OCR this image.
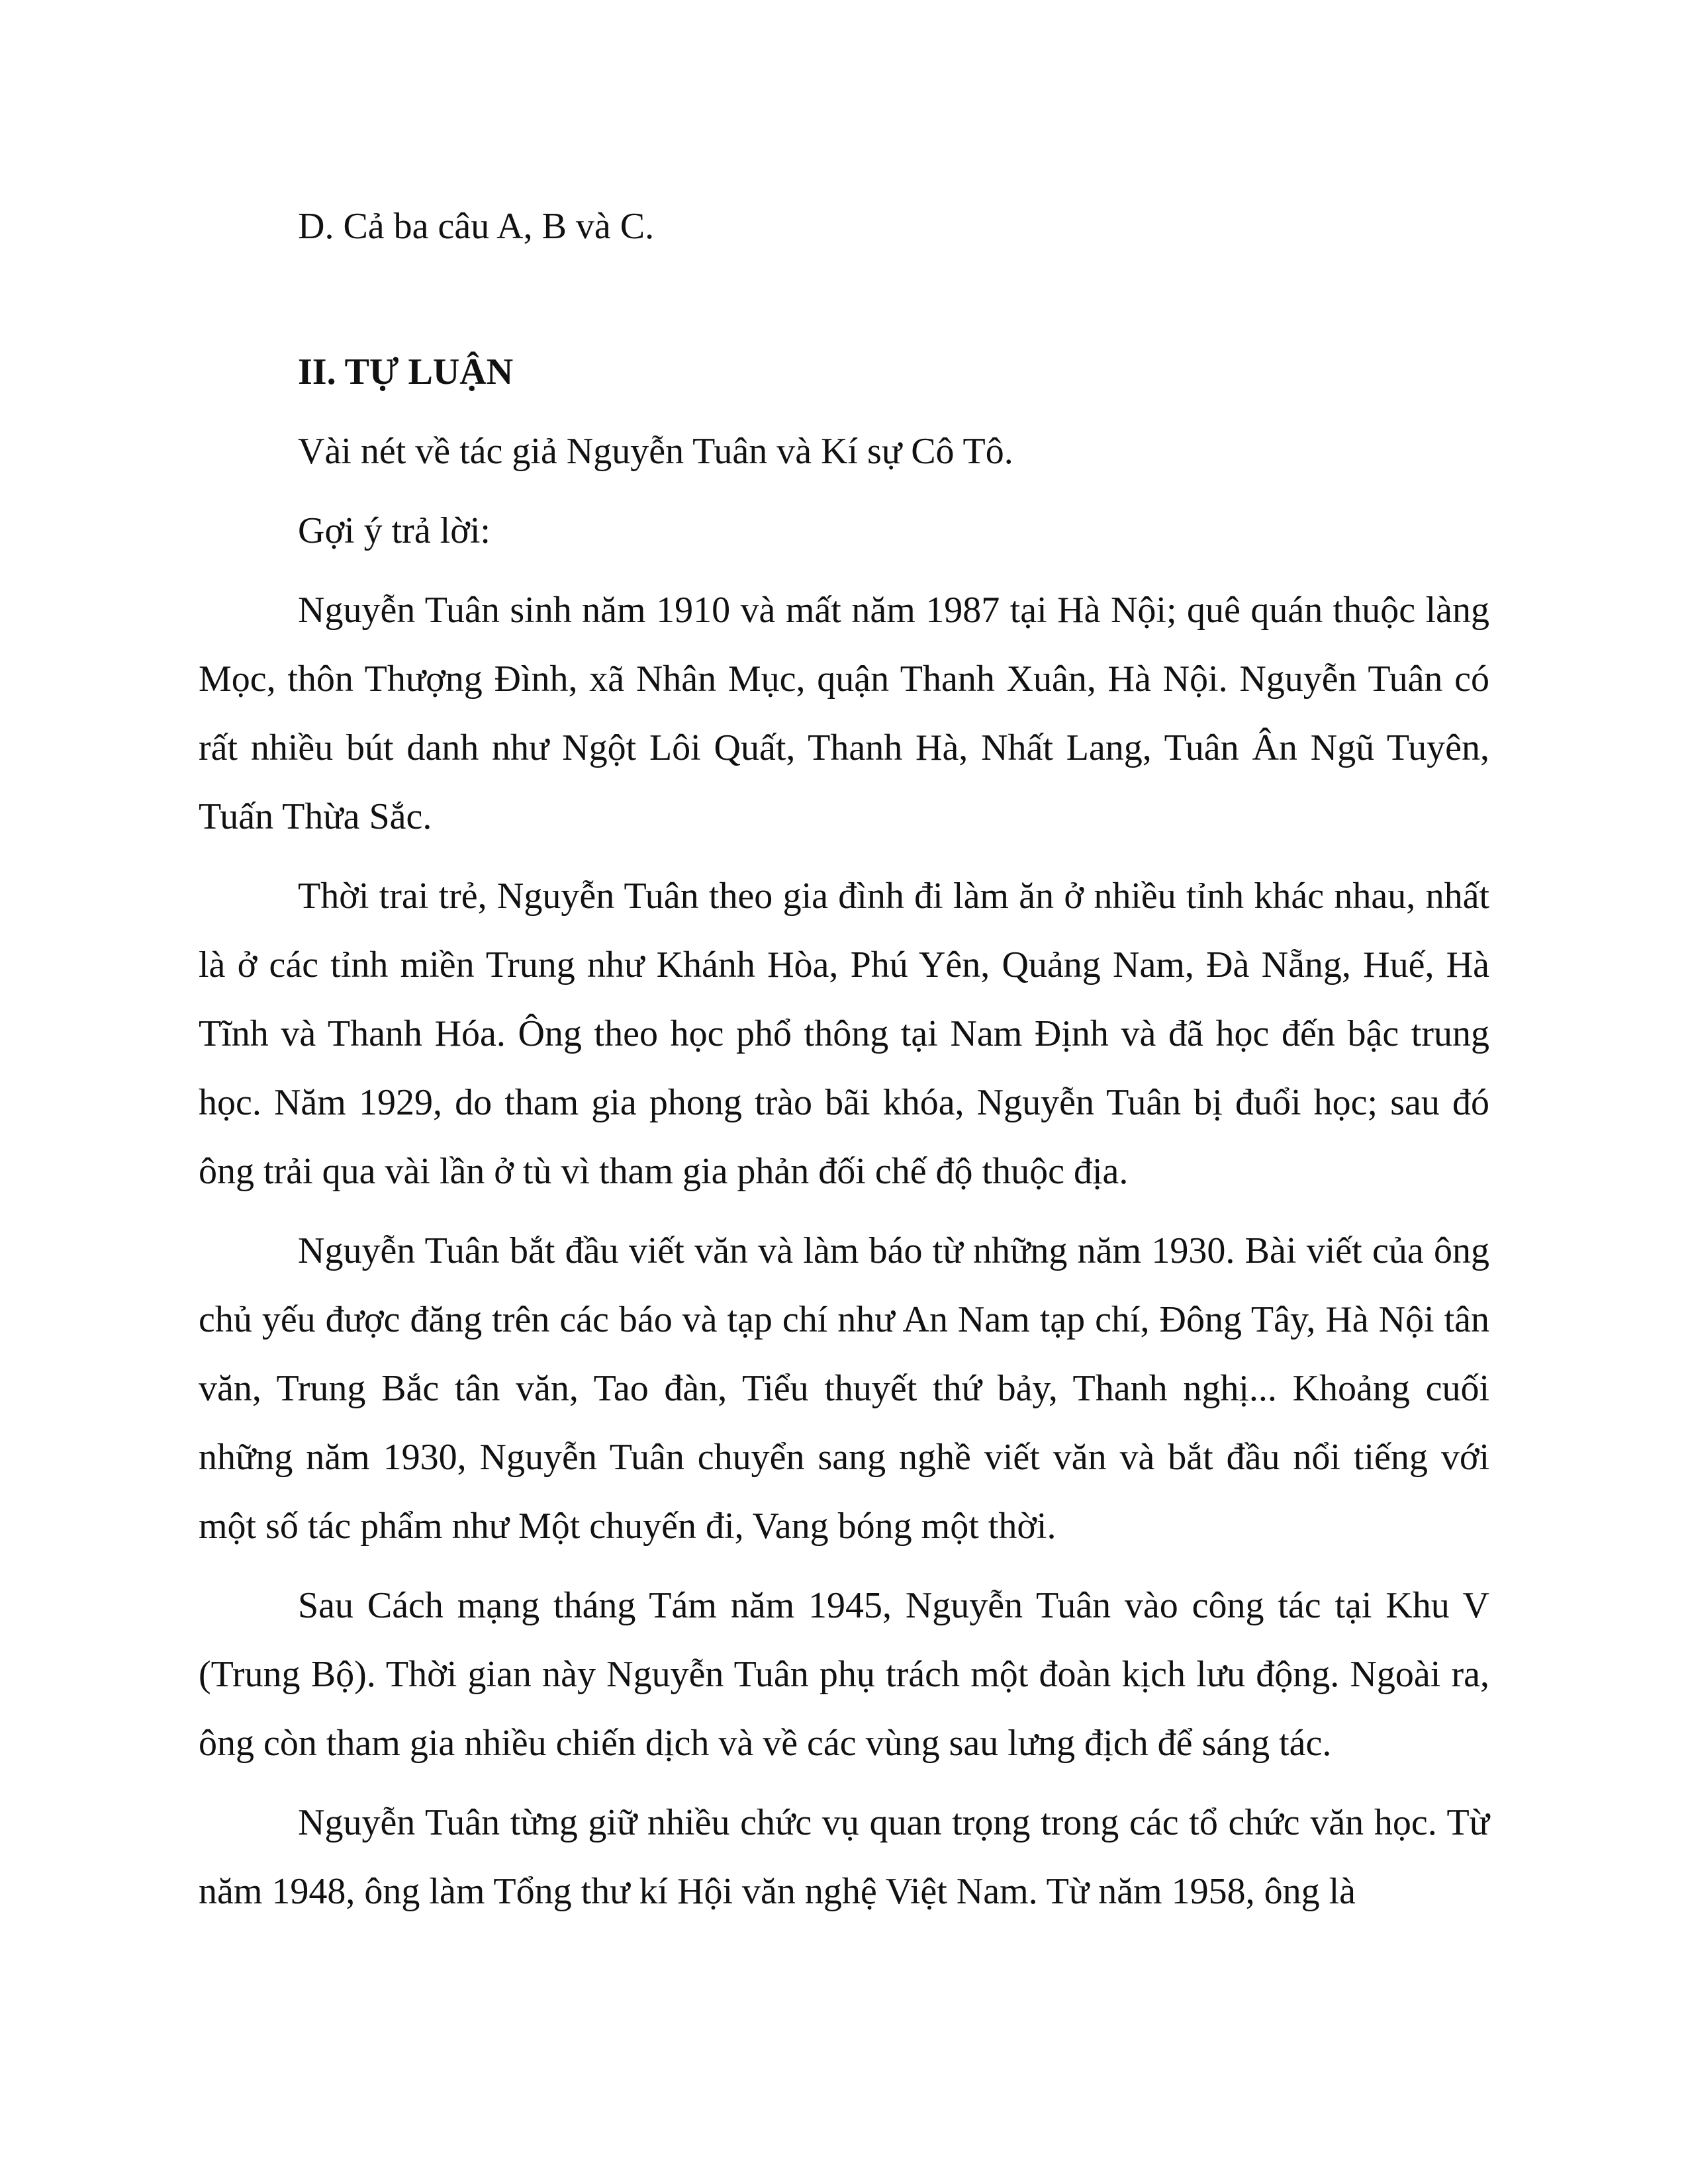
D. Cả ba câu A, B và C.

II. TỰ LUẬN

Vài nét về tác giả Nguyễn Tuân và Kí sự Cô Tô.

Gợi ý trả lời:

Nguyễn Tuân sinh năm 1910 và mất năm 1987 tại Hà Nội; quê quán thuộc làng Mọc, thôn Thượng Đình, xã Nhân Mục, quận Thanh Xuân, Hà Nội. Nguyễn Tuân có rất nhiều bút danh như Ngột Lôi Quất, Thanh Hà, Nhất Lang, Tuân Ân Ngũ Tuyên, Tuấn Thừa Sắc.

Thời trai trẻ, Nguyễn Tuân theo gia đình đi làm ăn ở nhiều tỉnh khác nhau, nhất là ở các tỉnh miền Trung như Khánh Hòa, Phú Yên, Quảng Nam, Đà Nẵng, Huế, Hà Tĩnh và Thanh Hóa. Ông theo học phổ thông tại Nam Định và đã học đến bậc trung học. Năm 1929, do tham gia phong trào bãi khóa, Nguyễn Tuân bị đuổi học; sau đó ông trải qua vài lần ở tù vì tham gia phản đối chế độ thuộc địa.

Nguyễn Tuân bắt đầu viết văn và làm báo từ những năm 1930. Bài viết của ông chủ yếu được đăng trên các báo và tạp chí như An Nam tạp chí, Đông Tây, Hà Nội tân văn, Trung Bắc tân văn, Tao đàn, Tiểu thuyết thứ bảy, Thanh nghị... Khoảng cuối những năm 1930, Nguyễn Tuân chuyển sang nghề viết văn và bắt đầu nổi tiếng với một số tác phẩm như Một chuyến đi, Vang bóng một thời.

Sau Cách mạng tháng Tám năm 1945, Nguyễn Tuân vào công tác tại Khu V (Trung Bộ). Thời gian này Nguyễn Tuân phụ trách một đoàn kịch lưu động. Ngoài ra, ông còn tham gia nhiều chiến dịch và về các vùng sau lưng địch để sáng tác.

Nguyễn Tuân từng giữ nhiều chức vụ quan trọng trong các tổ chức văn học. Từ năm 1948, ông làm Tổng thư kí Hội văn nghệ Việt Nam. Từ năm 1958, ông là
